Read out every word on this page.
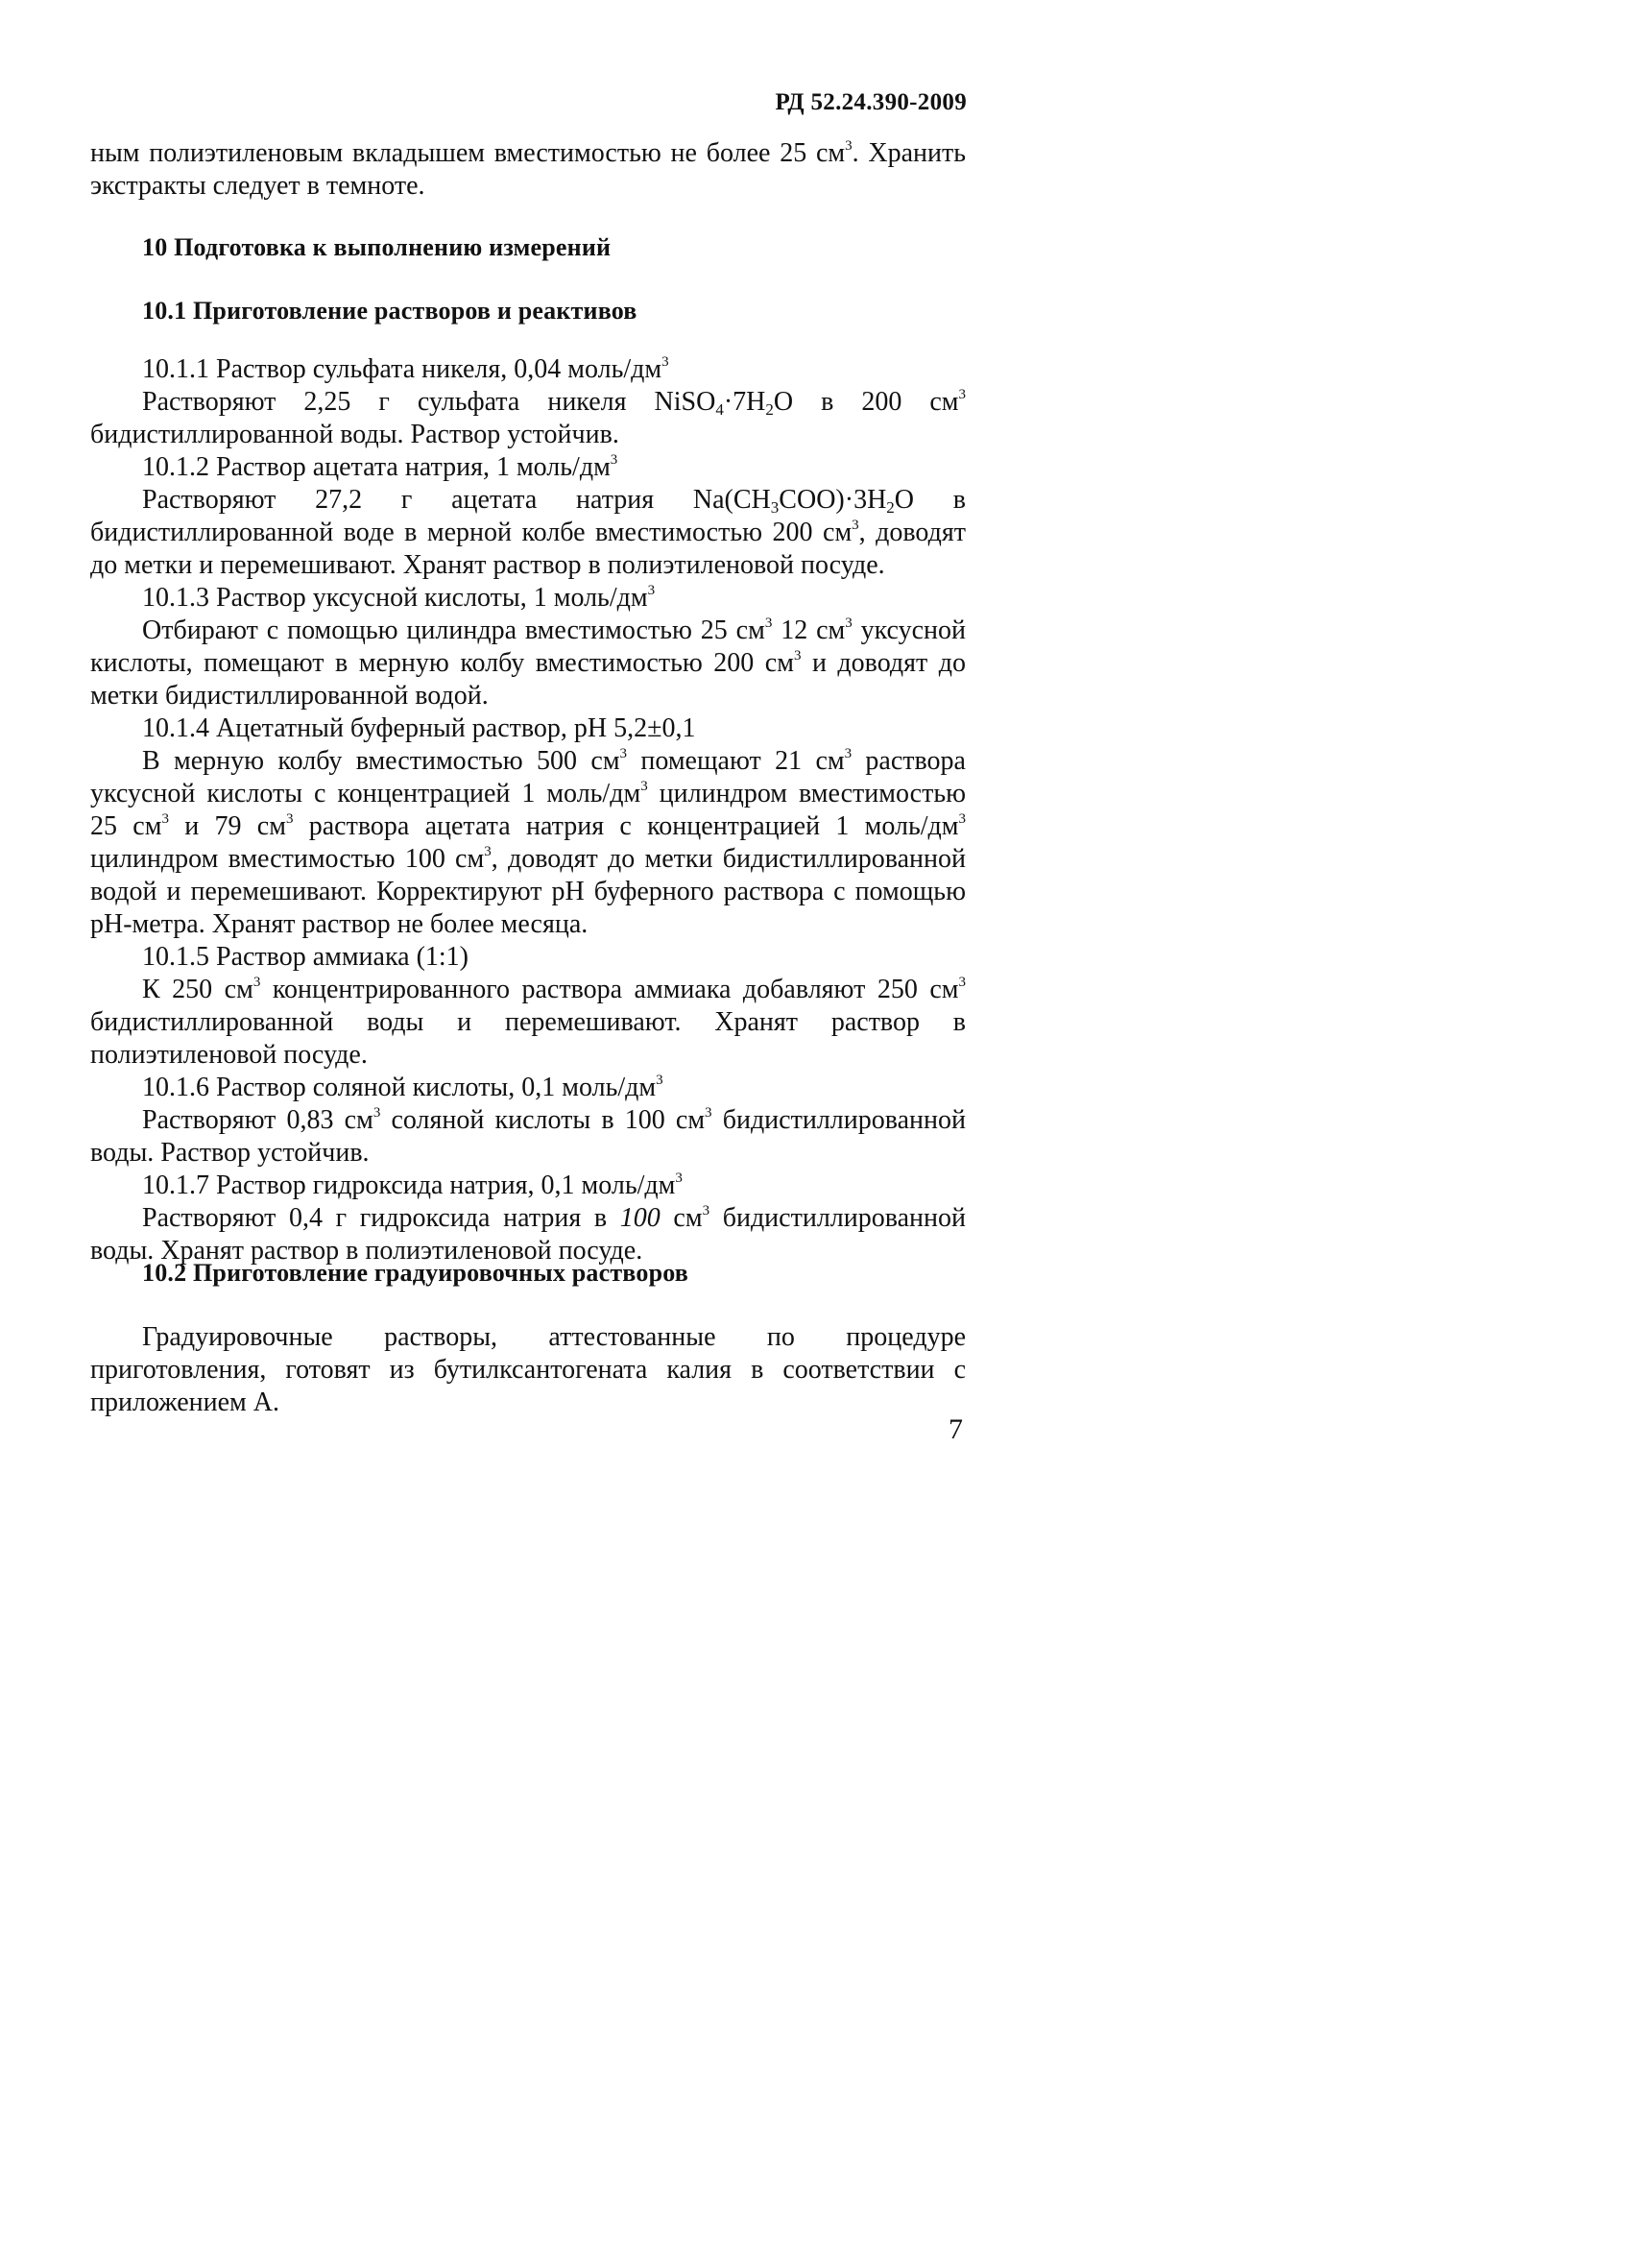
РД 52.24.390-2009

ным полиэтиленовым вкладышем вместимостью не более 25 $см^3$. Хранить экстракты следует в темноте.

10 Подготовка к выполнению измерений
10.1 Приготовление растворов и реактивов

10.1.1 Раствор сульфата никеля, 0,04 моль/$дм^3$

Растворяют 2,25 г сульфата никеля $NiSO_4\cdot 7H_2O$ в 200 $см^3$ бидистиллированной воды. Раствор устойчив.

10.1.2 Раствор ацетата натрия, 1 моль/$дм^3$

Растворяют 27,2 г ацетата натрия $Na(CH_3COO)\cdot 3H_2O$ в бидистиллированной воде в мерной колбе вместимостью 200 $см^3$, доводят до метки и перемешивают. Хранят раствор в полиэтиленовой посуде.

10.1.3 Раствор уксусной кислоты, 1 моль/$дм^3$

Отбирают с помощью цилиндра вместимостью 25 $см^3$ 12 $см^3$ уксусной кислоты, помещают в мерную колбу вместимостью 200 $см^3$ и доводят до метки бидистиллированной водой.

10.1.4 Ацетатный буферный раствор, pH 5,2±0,1

В мерную колбу вместимостью 500 $см^3$ помещают 21 $см^3$ раствора уксусной кислоты с концентрацией 1 моль/$дм^3$ цилиндром вместимостью 25 $см^3$ и 79 $см^3$ раствора ацетата натрия с концентрацией 1 моль/$дм^3$ цилиндром вместимостью 100 $см^3$, доводят до метки бидистиллированной водой и перемешивают. Корректируют pH буферного раствора с помощью pH-метра. Хранят раствор не более месяца.

10.1.5 Раствор аммиака (1:1)

К 250 $см^3$ концентрированного раствора аммиака добавляют 250 $см^3$ бидистиллированной воды и перемешивают. Хранят раствор в полиэтиленовой посуде.

10.1.6 Раствор соляной кислоты, 0,1 моль/$дм^3$

Растворяют 0,83 $см^3$ соляной кислоты в 100 $см^3$ бидистиллированной воды. Раствор устойчив.

10.1.7 Раствор гидроксида натрия, 0,1 моль/$дм^3$

Растворяют 0,4 г гидроксида натрия в 100 $см^3$ бидистиллированной воды. Хранят раствор в полиэтиленовой посуде.

10.2 Приготовление градуировочных растворов

Градуировочные растворы, аттестованные по процедуре приготовления, готовят из бутилксантогената калия в соответствии с приложением А.

7
